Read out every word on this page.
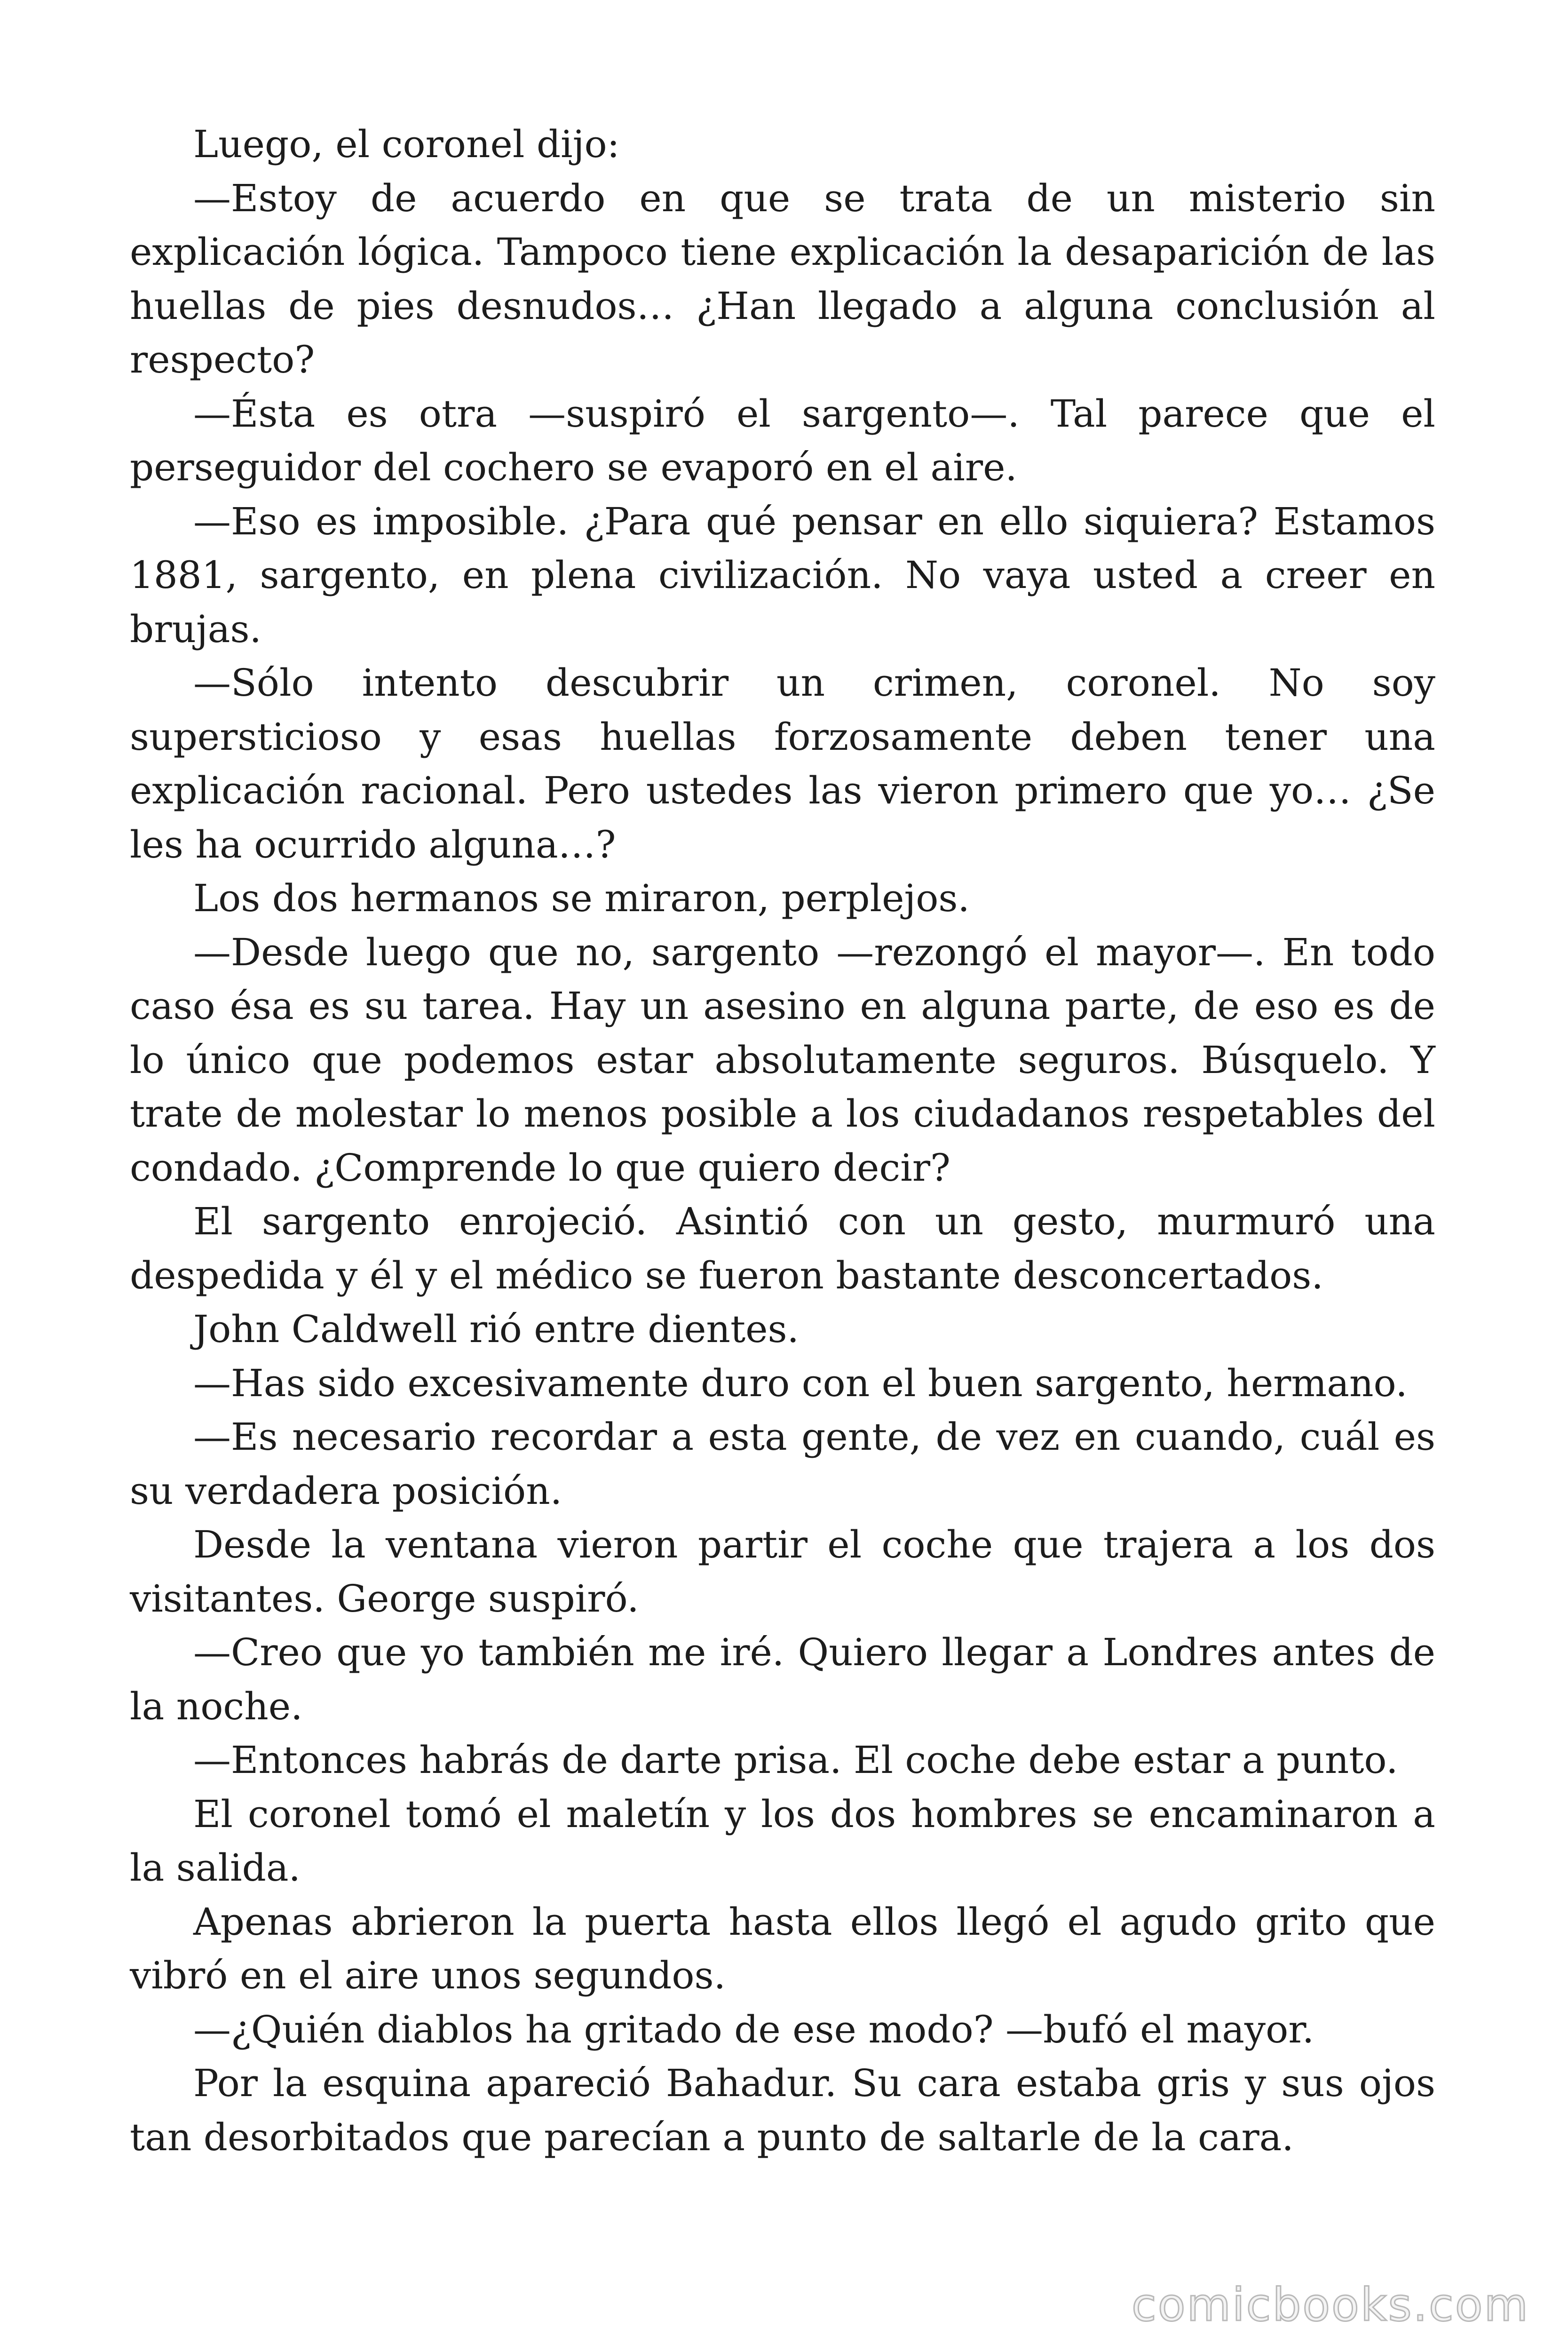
Luego, el coronel dijo:

—Estoy de acuerdo en que se trata de un misterio sin explicación lógica. Tampoco tiene explicación la desaparición de las huellas de pies desnudos… ¿Han llegado a alguna conclusión al respecto?

—Ésta es otra —suspiró el sargento—. Tal parece que el perseguidor del cochero se evaporó en el aire.

—Eso es imposible. ¿Para qué pensar en ello siquiera? Estamos 1881, sargento, en plena civilización. No vaya usted a creer en brujas.

—Sólo intento descubrir un crimen, coronel. No soy supersticioso y esas huellas forzosamente deben tener una explicación racional. Pero ustedes las vieron primero que yo… ¿Se les ha ocurrido alguna…?

Los dos hermanos se miraron, perplejos.

—Desde luego que no, sargento —rezongó el mayor—. En todo caso ésa es su tarea. Hay un asesino en alguna parte, de eso es de lo único que podemos estar absolutamente seguros. Búsquelo. Y trate de molestar lo menos posible a los ciudadanos respetables del condado. ¿Comprende lo que quiero decir?

El sargento enrojeció. Asintió con un gesto, murmuró una despedida y él y el médico se fueron bastante desconcertados.

John Caldwell rió entre dientes.

—Has sido excesivamente duro con el buen sargento, hermano.

—Es necesario recordar a esta gente, de vez en cuando, cuál es su verdadera posición.

Desde la ventana vieron partir el coche que trajera a los dos visitantes. George suspiró.

—Creo que yo también me iré. Quiero llegar a Londres antes de la noche.

—Entonces habrás de darte prisa. El coche debe estar a punto.

El coronel tomó el maletín y los dos hombres se encaminaron a la salida.

Apenas abrieron la puerta hasta ellos llegó el agudo grito que vibró en el aire unos segundos.

—¿Quién diablos ha gritado de ese modo? —bufó el mayor.

Por la esquina apareció Bahadur. Su cara estaba gris y sus ojos tan desorbitados que parecían a punto de saltarle de la cara.

comicbooks.com
